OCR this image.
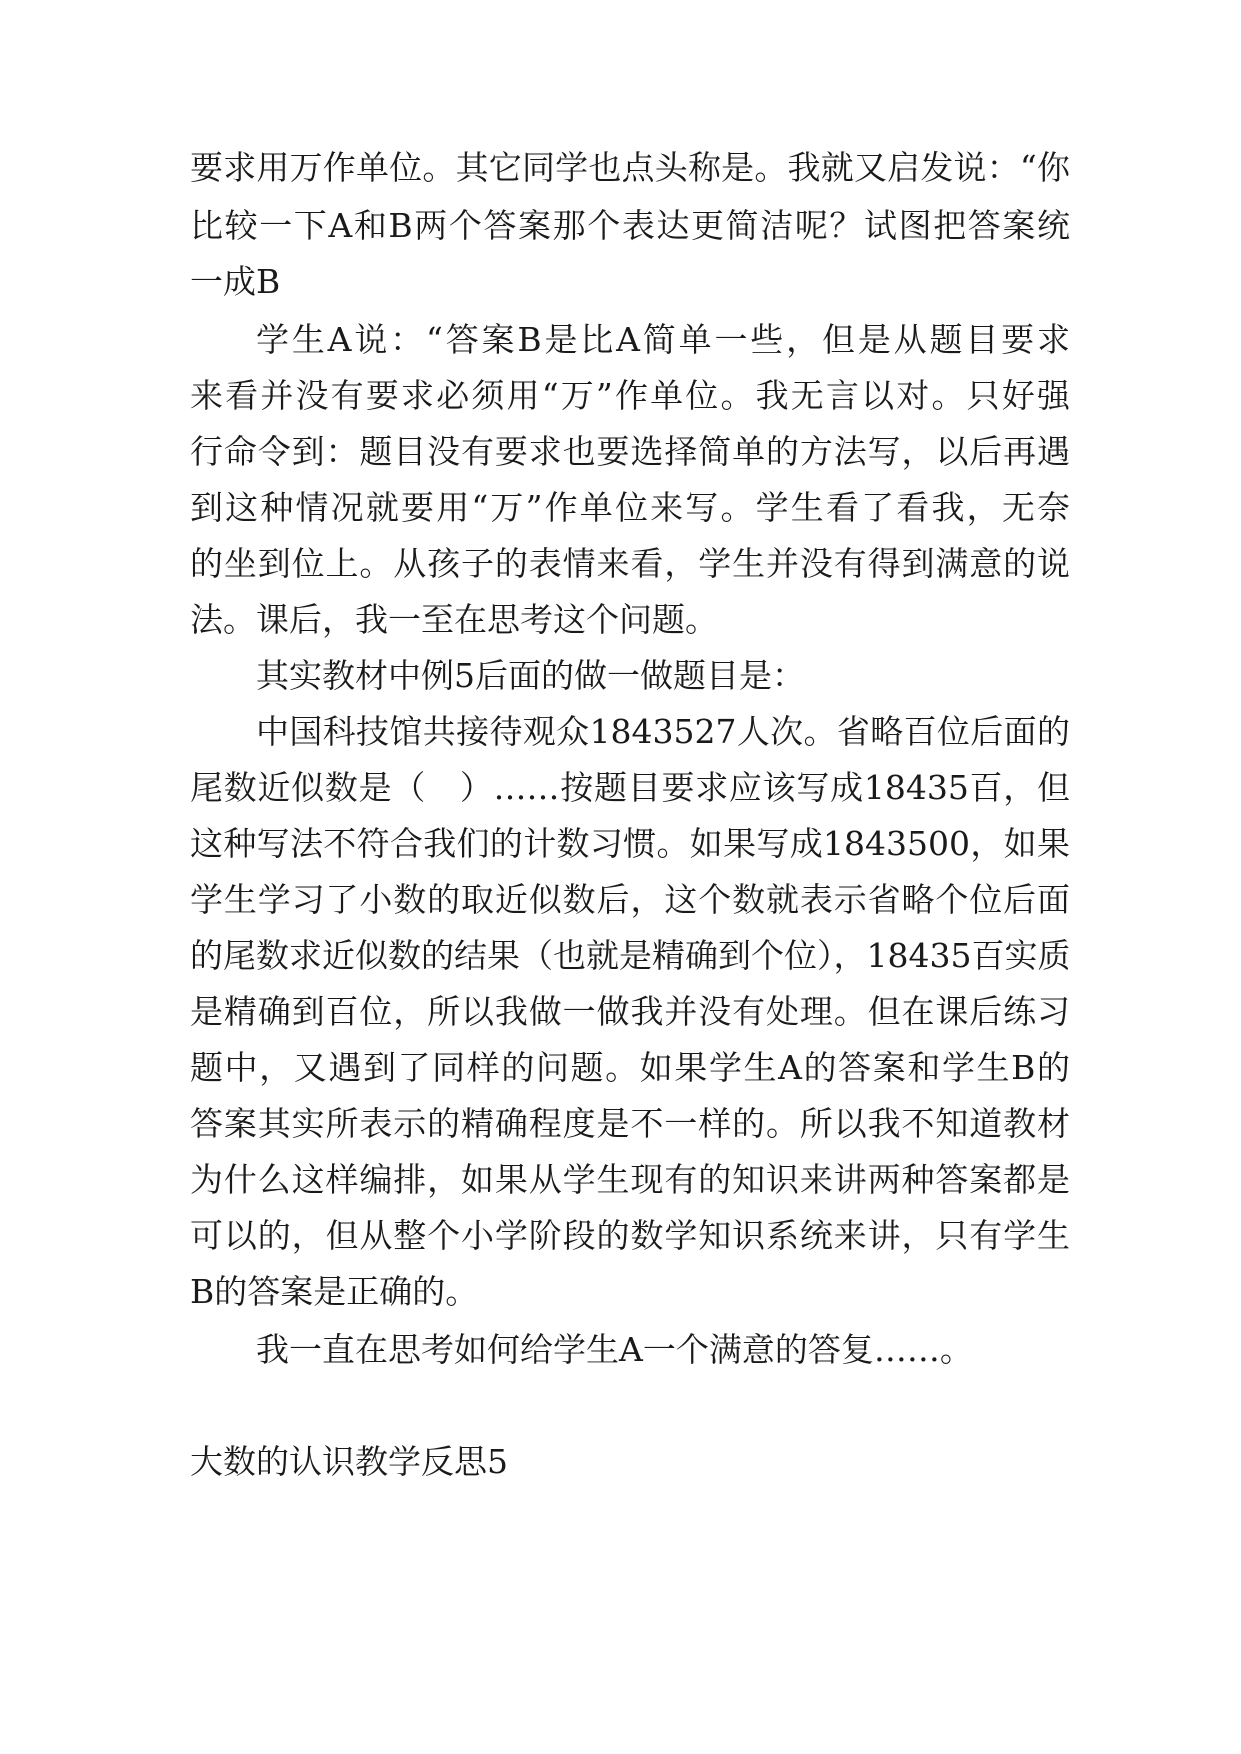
要求用万作单位。其它同学也点头称是。我就又启发说：“你

比较一下A和B两个答案那个表达更简洁呢？试图把答案统

一成B

学生A说：“答案B是比A简单一些，但是从题目要求

来看并没有要求必须用“万”作单位。我无言以对。只好强

行命令到：题目没有要求也要选择简单的方法写，以后再遇

到这种情况就要用“万”作单位来写。学生看了看我，无奈

的坐到位上。从孩子的表情来看，学生并没有得到满意的说

法。课后，我一至在思考这个问题。

其实教材中例5后面的做一做题目是：

中国科技馆共接待观众1843527人次。省略百位后面的

尾数近似数是（　）……按题目要求应该写成18435百，但

这种写法不符合我们的计数习惯。如果写成1843500，如果

学生学习了小数的取近似数后，这个数就表示省略个位后面

的尾数求近似数的结果（也就是精确到个位），18435百实质

是精确到百位，所以我做一做我并没有处理。但在课后练习

题中，又遇到了同样的问题。如果学生A的答案和学生B的

答案其实所表示的精确程度是不一样的。所以我不知道教材

为什么这样编排，如果从学生现有的知识来讲两种答案都是

可以的，但从整个小学阶段的数学知识系统来讲，只有学生

B的答案是正确的。

我一直在思考如何给学生A一个满意的答复……。

大数的认识教学反思5
